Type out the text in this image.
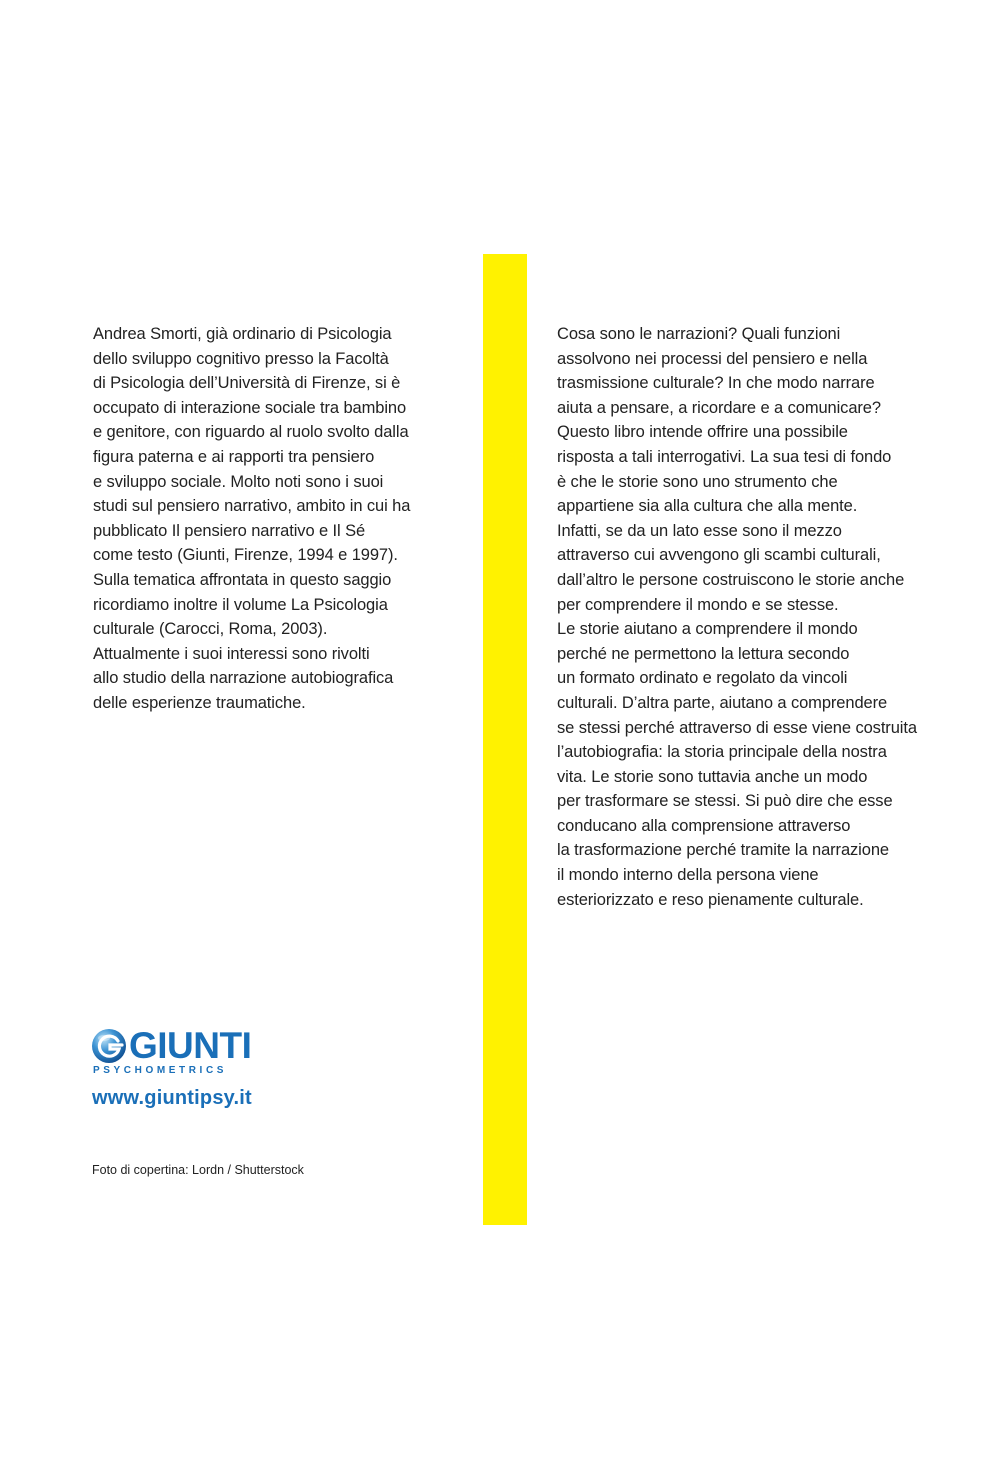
Andrea Smorti, già ordinario di Psicologia
dello sviluppo cognitivo presso la Facoltà
di Psicologia dell’Università di Firenze, si è
occupato di interazione sociale tra bambino
e genitore, con riguardo al ruolo svolto dalla
figura paterna e ai rapporti tra pensiero
e sviluppo sociale. Molto noti sono i suoi
studi sul pensiero narrativo, ambito in cui ha
pubblicato Il pensiero narrativo e Il Sé
come testo (Giunti, Firenze, 1994 e 1997).
Sulla tematica affrontata in questo saggio
ricordiamo inoltre il volume La Psicologia
culturale (Carocci, Roma, 2003).
Attualmente i suoi interessi sono rivolti
allo studio della narrazione autobiografica
delle esperienze traumatiche.
Cosa sono le narrazioni? Quali funzioni
assolvono nei processi del pensiero e nella
trasmissione culturale? In che modo narrare
aiuta a pensare, a ricordare e a comunicare?
Questo libro intende offrire una possibile
risposta a tali interrogativi. La sua tesi di fondo
è che le storie sono uno strumento che
appartiene sia alla cultura che alla mente.
Infatti, se da un lato esse sono il mezzo
attraverso cui avvengono gli scambi culturali,
dall’altro le persone costruiscono le storie anche
per comprendere il mondo e se stesse.
Le storie aiutano a comprendere il mondo
perché ne permettono la lettura secondo
un formato ordinato e regolato da vincoli
culturali. D’altra parte, aiutano a comprendere
se stessi perché attraverso di esse viene costruita
l’autobiografia: la storia principale della nostra
vita. Le storie sono tuttavia anche un modo
per trasformare se stessi. Si può dire che esse
conducano alla comprensione attraverso
la trasformazione perché tramite la narrazione
il mondo interno della persona viene
esteriorizzato e reso pienamente culturale.
GIUNTI
PSYCHOMETRICS
www.giuntipsy.it
Foto di copertina: Lordn / Shutterstock
